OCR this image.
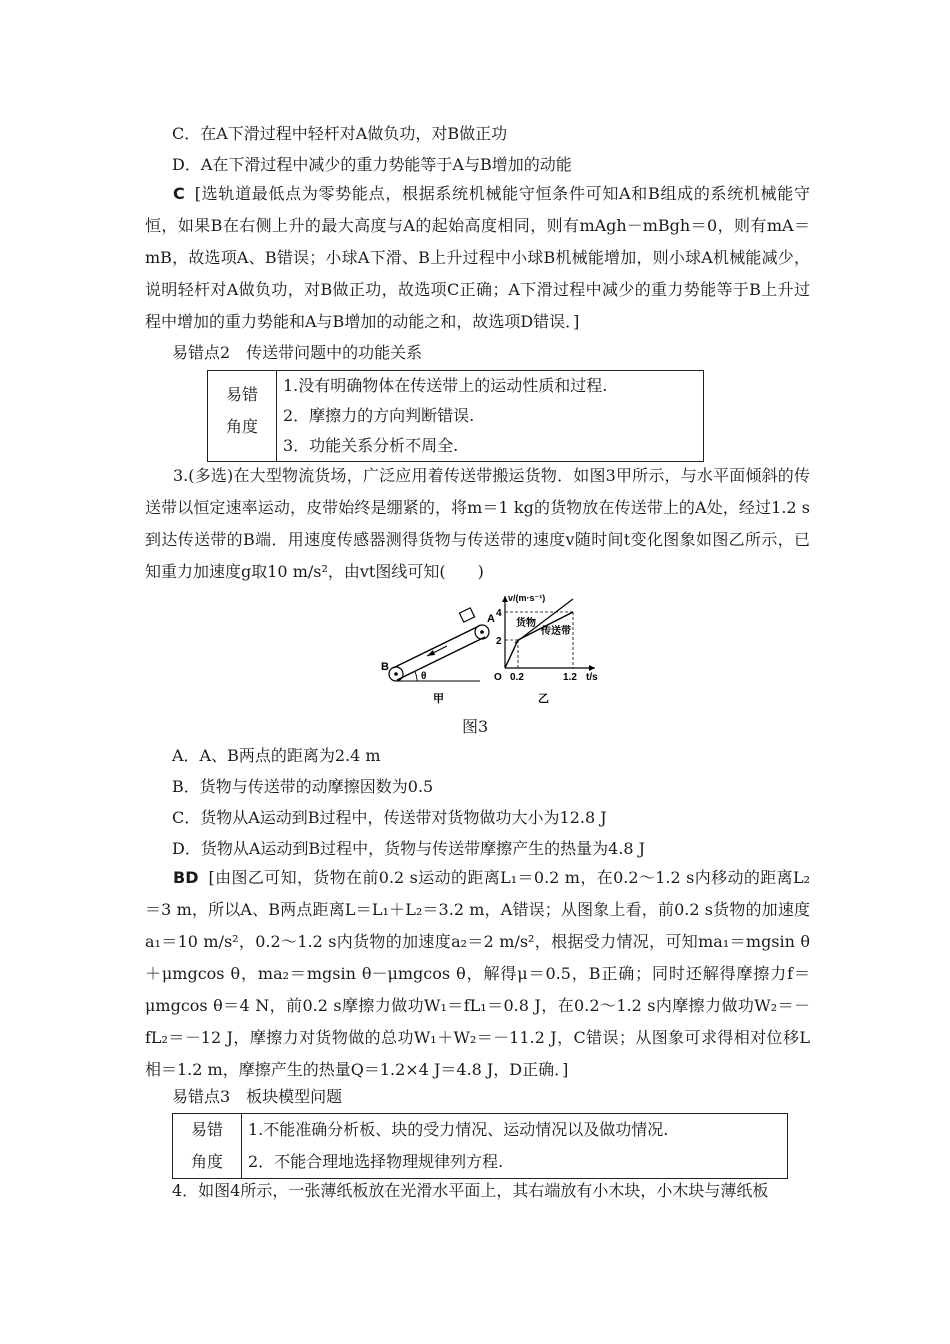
C．在A下滑过程中轻杆对A做负功，对B做正功
D．A在下滑过程中减少的重力势能等于A与B增加的动能
C [选轨道最低点为零势能点，根据系统机械能守恒条件可知A和B组成的系统机械能守恒，如果B在右侧上升的最大高度与A的起始高度相同，则有mAgh－mBgh＝0，则有mA＝mB，故选项A、B错误；小球A下滑、B上升过程中小球B机械能增加，则小球A机械能减少，说明轻杆对A做负功，对B做正功，故选项C正确；A下滑过程中减少的重力势能等于B上升过程中增加的重力势能和A与B增加的动能之和，故选项D错误．]
易错点2　传送带问题中的功能关系
易错
角度

1.没有明确物体在传送带上的运动性质和过程.
2．摩擦力的方向判断错误.
3．功能关系分析不周全.
3.(多选)在大型物流货场，广泛应用着传送带搬运货物．如图3甲所示，与水平面倾斜的传送带以恒定速率运动，皮带始终是绷紧的，将m＝1 kg的货物放在传送带上的A处，经过1.2 s到达传送带的B端．用速度传感器测得货物与传送带的速度v随时间t变化图象如图乙所示，已知重力加速度g取10 m/s²，由vt图线可知(　　)
θ
B
A
甲
v/(m·s⁻¹)
t/s
O
4
2
0.2	1.2
货物
传送带
乙
图3
A．A、B两点的距离为2.4 m
B．货物与传送带的动摩擦因数为0.5
C．货物从A运动到B过程中，传送带对货物做功大小为12.8 J
D．货物从A运动到B过程中，货物与传送带摩擦产生的热量为4.8 J
BD [由图乙可知，货物在前0.2 s运动的距离L₁＝0.2 m，在0.2～1.2 s内移动的距离L₂＝3 m，所以A、B两点距离L＝L₁＋L₂＝3.2 m，A错误；从图象上看，前0.2 s货物的加速度a₁＝10 m/s²，0.2～1.2 s内货物的加速度a₂＝2 m/s²，根据受力情况，可知ma₁＝mgsin θ＋μmgcos θ，ma₂＝mgsin θ－μmgcos θ，解得μ＝0.5，B正确；同时还解得摩擦力f＝μmgcos θ＝4 N，前0.2 s摩擦力做功W₁＝fL₁＝0.8 J，在0.2～1.2 s内摩擦力做功W₂＝－fL₂＝－12 J，摩擦力对货物做的总功W₁＋W₂＝－11.2 J，C错误；从图象可求得相对位移L相＝1.2 m，摩擦产生的热量Q＝1.2×4 J＝4.8 J，D正确．]
易错点3　板块模型问题
易错
角度

1.不能准确分析板、块的受力情况、运动情况以及做功情况.
2．不能合理地选择物理规律列方程.
4．如图4所示，一张薄纸板放在光滑水平面上，其右端放有小木块，小木块与薄纸板
